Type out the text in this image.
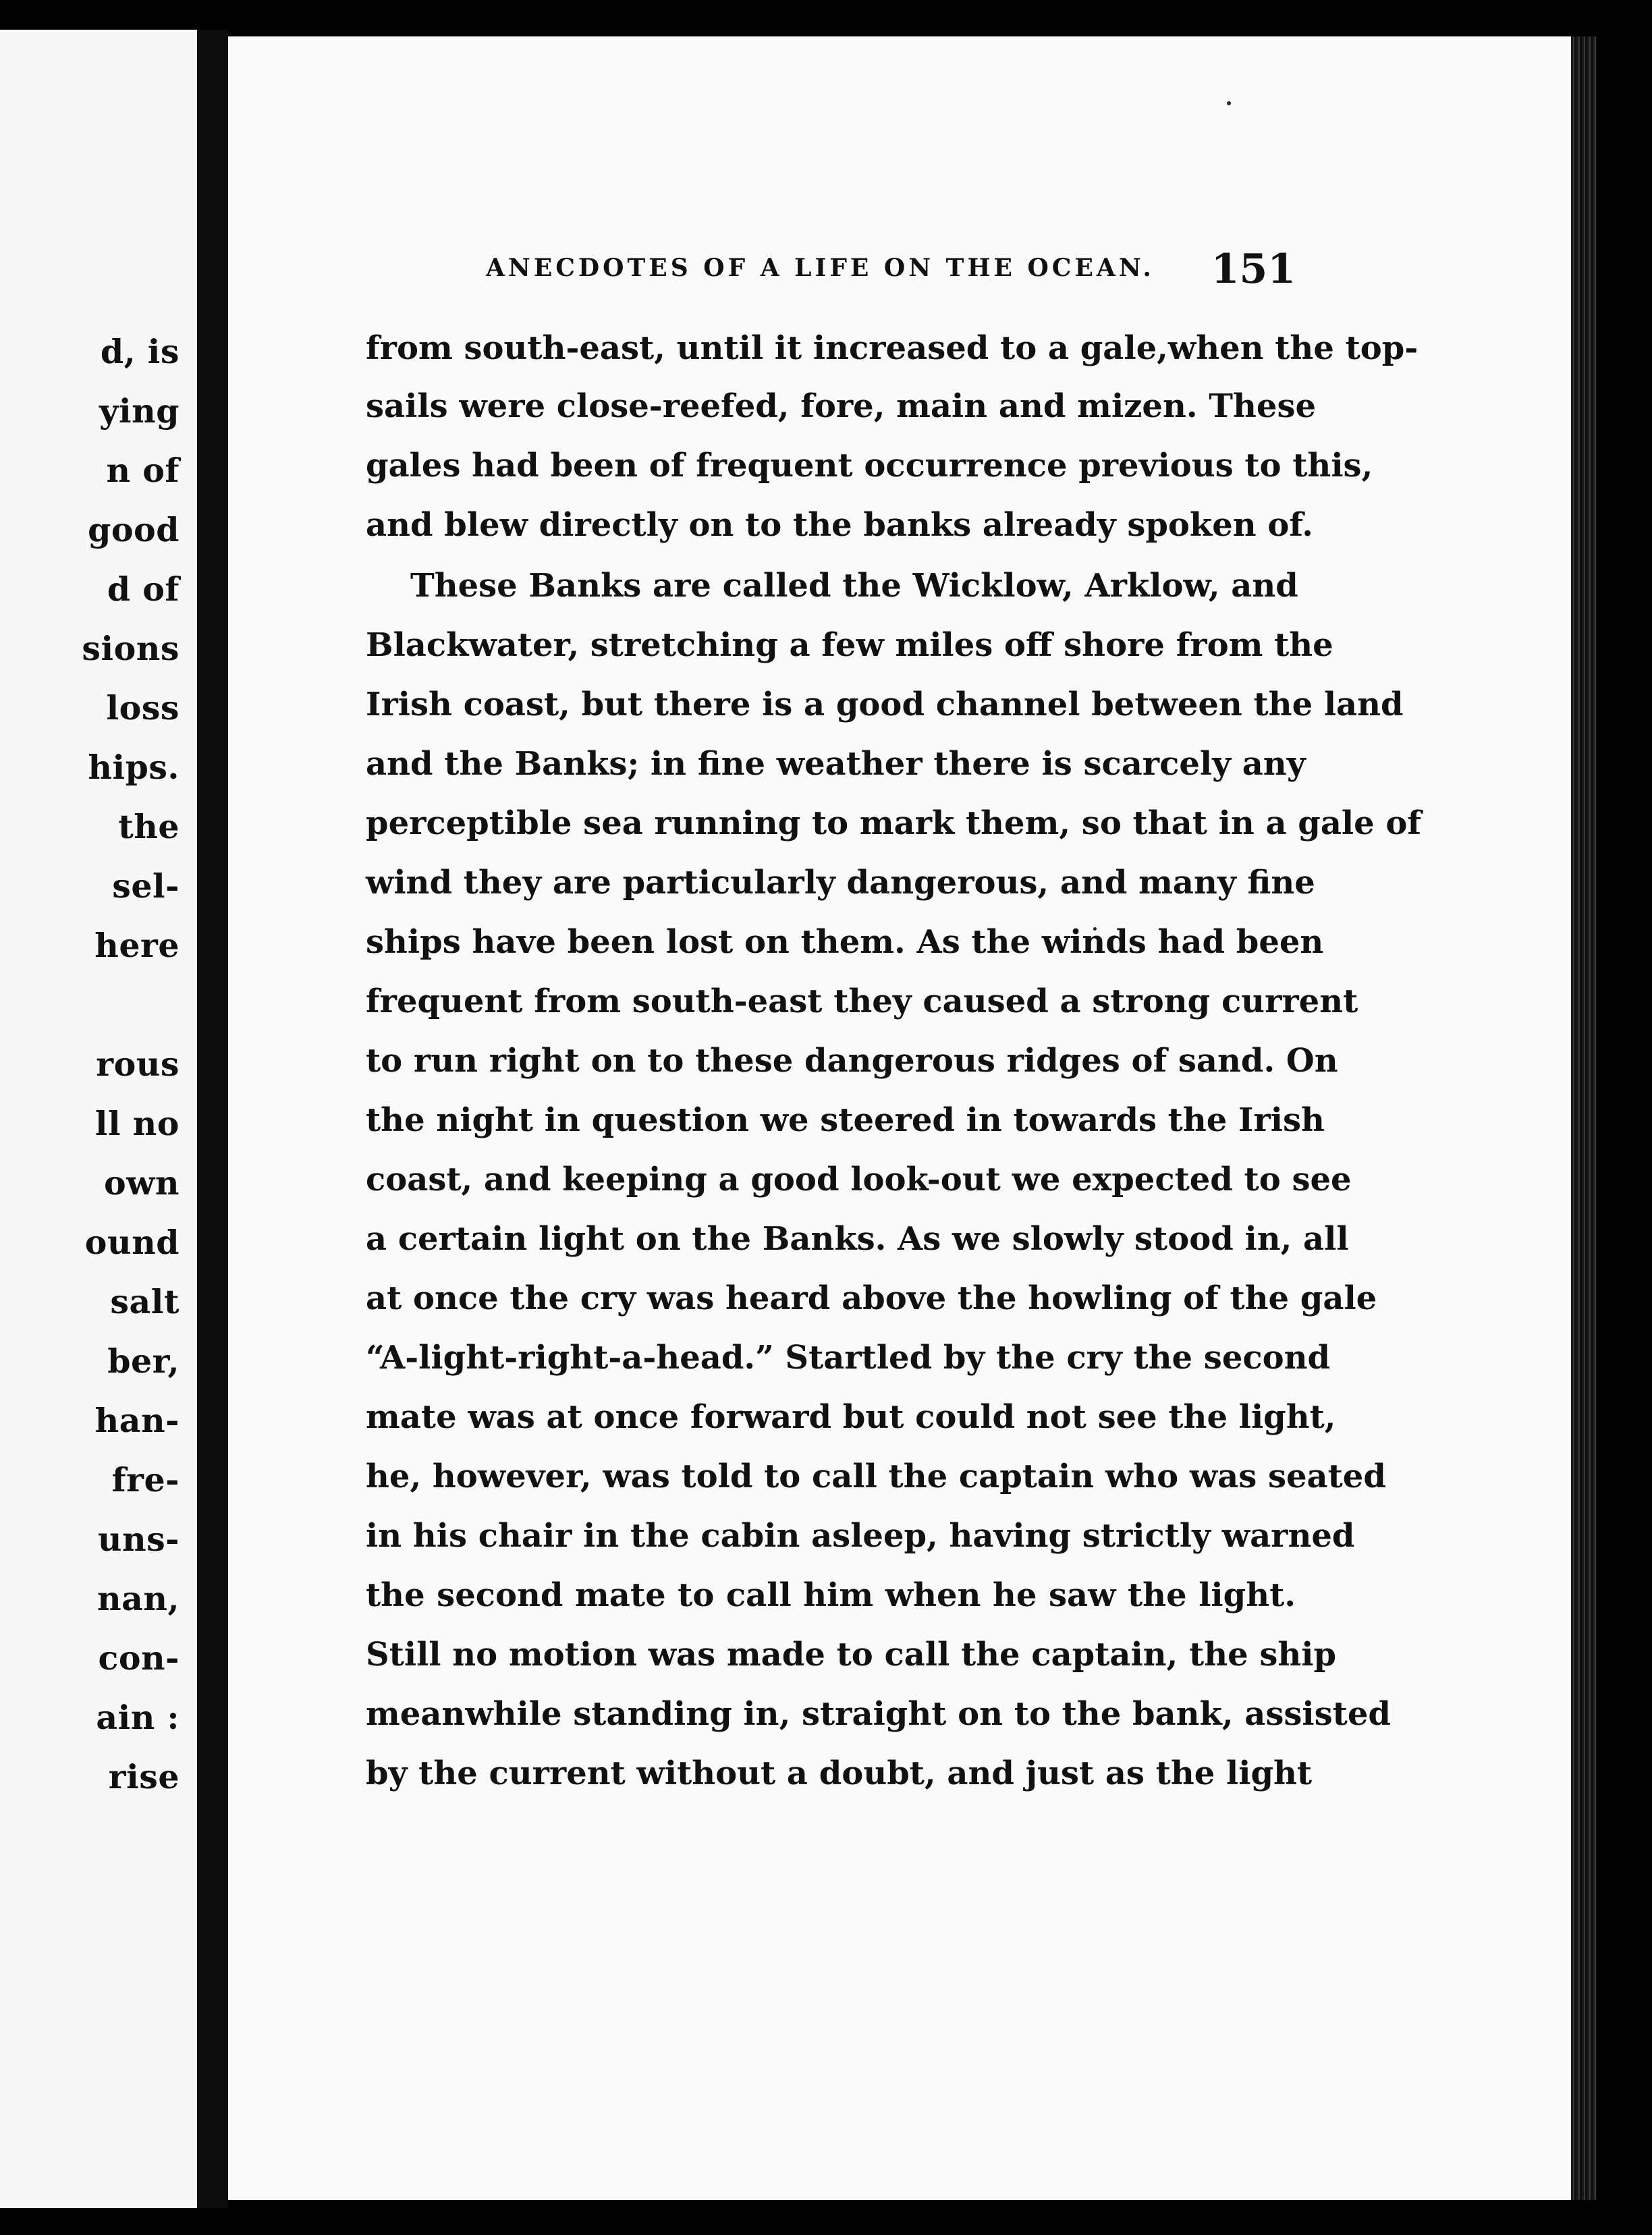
d, is
ying
n of
good
d of
sions
loss
hips.
the
sel-
here
rous
ll no
own
ound
salt
ber,
han-
fre-
uns-
nan,
con-
ain :
rise
ANECDOTES OF A LIFE ON THE OCEAN. 151
from south-east, until it increased to a gale,when the top-
sails were close-reefed, fore, main and mizen. These
gales had been of frequent occurrence previous to this,
and blew directly on to the banks already spoken of.
These Banks are called the Wicklow, Arklow, and
Blackwater, stretching a few miles off shore from the
Irish coast, but there is a good channel between the land
and the Banks; in fine weather there is scarcely any
perceptible sea running to mark them, so that in a gale of
wind they are particularly dangerous, and many fine
ships have been lost on them. As the winds had been
frequent from south-east they caused a strong current
to run right on to these dangerous ridges of sand. On
the night in question we steered in towards the Irish
coast, and keeping a good look-out we expected to see
a certain light on the Banks. As we slowly stood in, all
at once the cry was heard above the howling of the gale
“A-light-right-a-head.” Startled by the cry the second
mate was at once forward but could not see the light,
he, however, was told to call the captain who was seated
in his chair in the cabin asleep, having strictly warned
the second mate to call him when he saw the light.
Still no motion was made to call the captain, the ship
meanwhile standing in, straight on to the bank, assisted
by the current without a doubt, and just as the light
